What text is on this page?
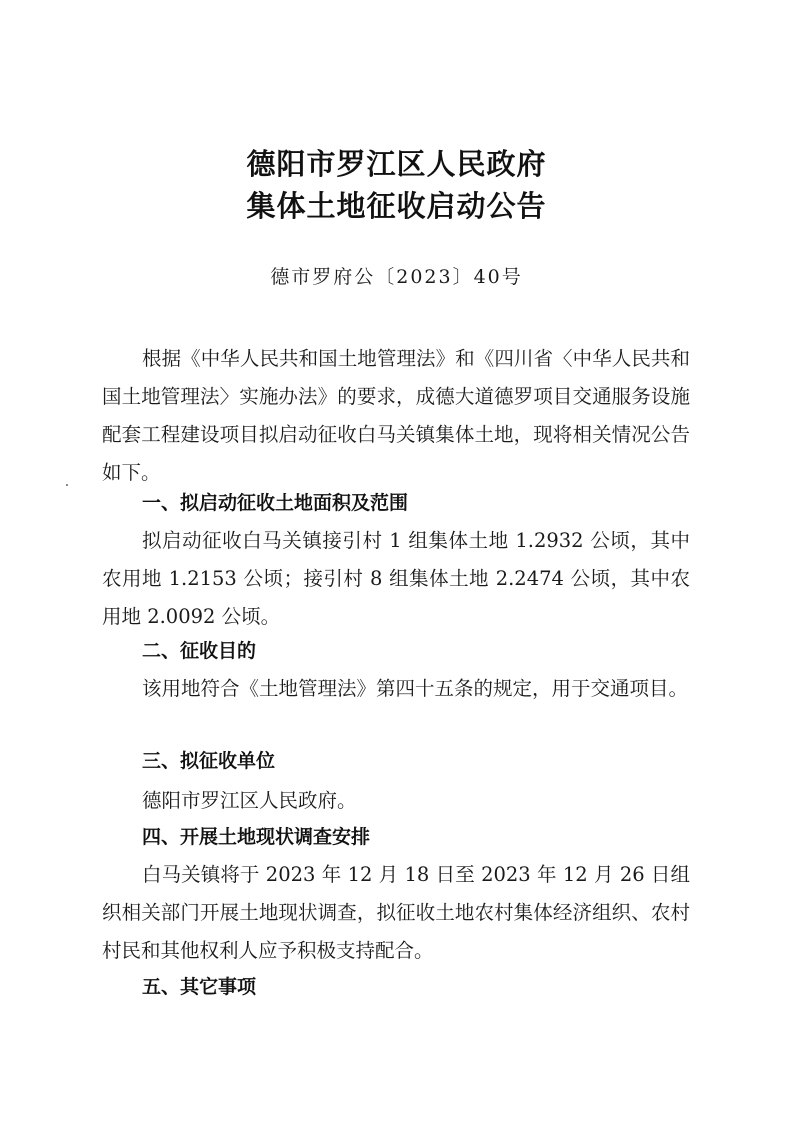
德阳市罗江区人民政府
集体土地征收启动公告
德市罗府公〔2023〕40号
根据《中华人民共和国土地管理法》和《四川省〈中华人民共和国土地管理法〉实施办法》的要求，成德大道德罗项目交通服务设施配套工程建设项目拟启动征收白马关镇集体土地，现将相关情况公告如下。
一、拟启动征收土地面积及范围
拟启动征收白马关镇接引村 1 组集体土地 1.2932 公顷，其中农用地 1.2153 公顷；接引村 8 组集体土地 2.2474 公顷，其中农用地 2.0092 公顷。
二、征收目的
该用地符合《土地管理法》第四十五条的规定，用于交通项目。
三、拟征收单位
德阳市罗江区人民政府。
四、开展土地现状调查安排
白马关镇将于 2023 年 12 月 18 日至 2023 年 12 月 26 日组织相关部门开展土地现状调查，拟征收土地农村集体经济组织、农村村民和其他权利人应予积极支持配合。
五、其它事项
